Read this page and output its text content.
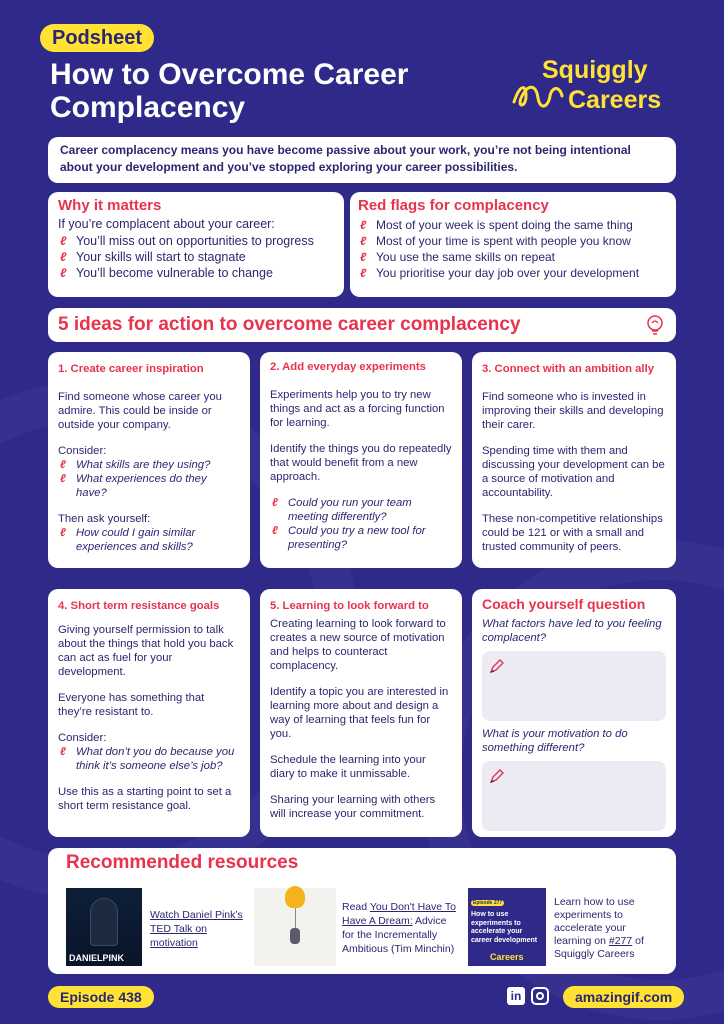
Podsheet
How to Overcome Career
Complacency
Squiggly
Careers
Career complacency means you have become passive about your work, you’re not being intentional about your development and you’ve stopped exploring your career possibilities.
Why it matters
If you’re complacent about your career:
ℓ You’ll miss out on opportunities to progress
ℓ Your skills will start to stagnate
ℓ You’ll become vulnerable to change
Red flags for complacency
ℓ Most of your week is spent doing the same thing
ℓ Most of your time is spent with people you know
ℓ You use the same skills on repeat
ℓ You prioritise your day job over your development
5 ideas for action to overcome career complacency
1. Create career inspiration

Find someone whose career you admire. This could be inside or outside your company.

Consider:
ℓ What skills are they using?
ℓ What experiences do they have?
Then ask yourself:
ℓ How could I gain similar experiences and skills?
2. Add everyday experiments

Experiments help you to try new things and act as a forcing function for learning.

Identify the things you do repeatedly that would benefit from a new approach.

ℓ Could you run your team meeting differently?
ℓ Could you try a new tool for presenting?
3. Connect with an ambition ally

Find someone who is invested in improving their skills and developing their carer.

Spending time with them and discussing your development can be a source of motivation and accountability.

These non-competitive relationships could be 121 or with a small and trusted community of peers.

4. Short term resistance goals

Giving yourself permission to talk about the things that hold you back can act as fuel for your development.

Everyone has something that they’re resistant to.

Consider:
ℓ What don’t you do because you think it’s someone else’s job?

Use this as a starting point to set a short term resistance goal.

5. Learning to look forward to

Creating learning to look forward to creates a new source of motivation and helps to counteract complacency.

Identify a topic you are interested in learning more about and design a way of learning that feels fun for you.

Schedule the learning into your diary to make it unmissable.

Sharing your learning with others will increase your commitment.

Coach yourself question
What factors have led to you feeling complacent?
What is your motivation to do something different?
Recommended resources
DANIELPINK
Watch Daniel Pink’s TED Talk on motivation
Read You Don't Have To Have A Dream: Advice for the Incrementally Ambitious (Tim Minchin)
Episode 277
How to use experiments to accelerate your career development
Careers
Learn how to use experiments to accelerate your learning on #277 of Squiggly Careers
Episode 438	in	amazingif.com
